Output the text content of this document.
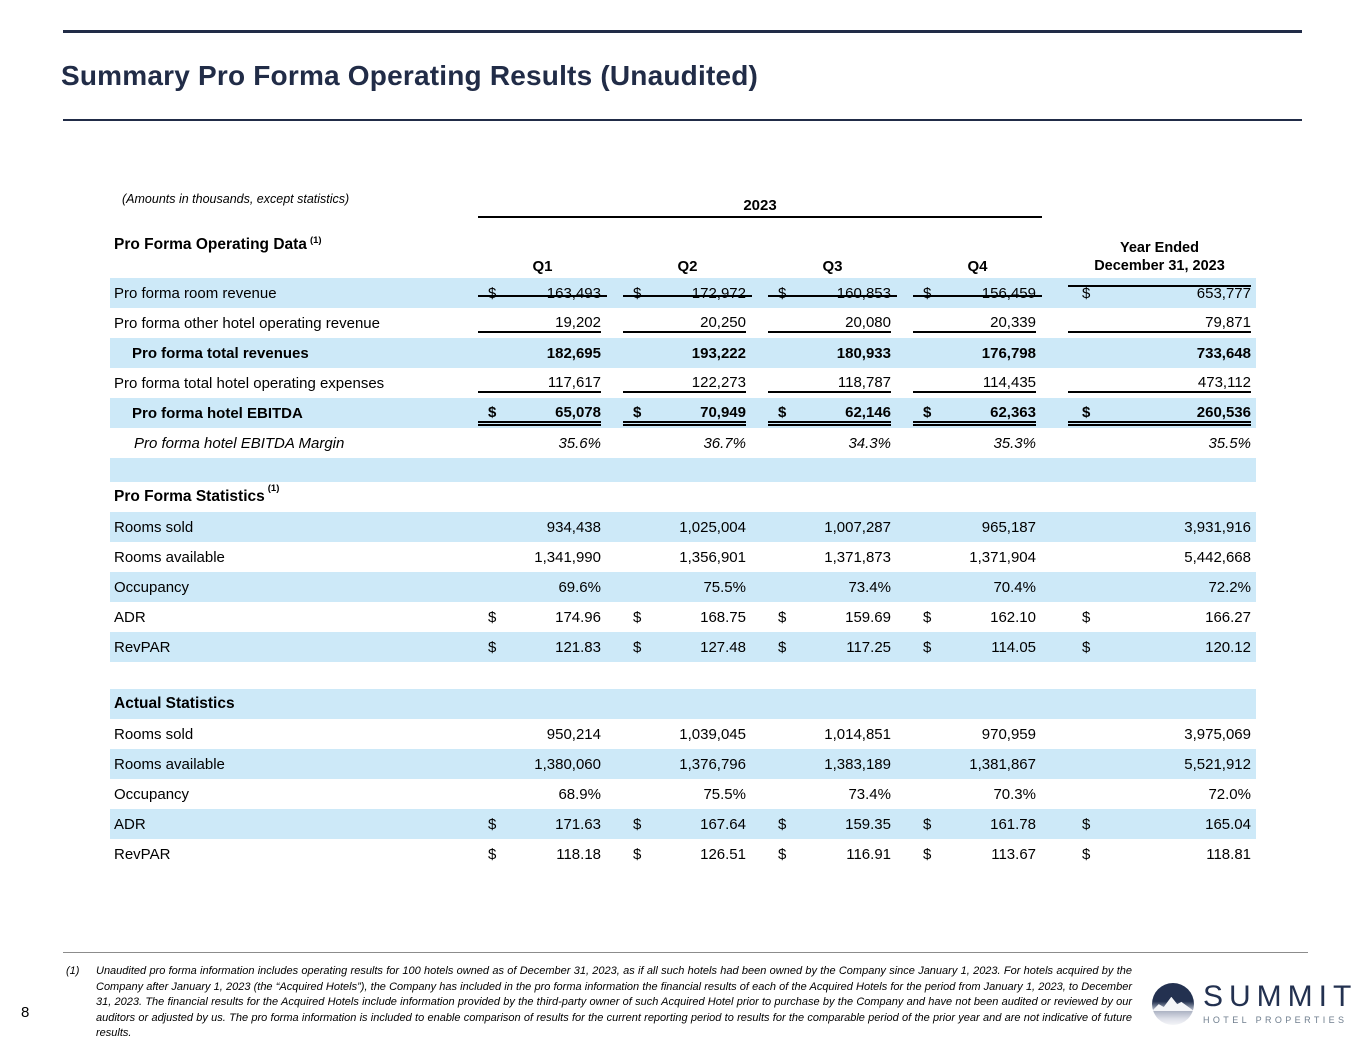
Summary Pro Forma Operating Results (Unaudited)
(Amounts in thousands, except statistics)	2023
Pro Forma Operating Data $^{(1)}$
Q1	Q2	Q3	Q4
Year Ended
December 31, 2023
Pro forma room revenue	$	163,493 $	172,972 $	160,853 $	156,459	$	653,777
Pro forma other hotel operating revenue	19,202	20,250	20,080	20,339	79,871
Pro forma total revenues	182,695	193,222	180,933	176,798	733,648
Pro forma total hotel operating expenses	117,617	122,273	118,787	114,435	473,112
Pro forma hotel EBITDA	$	65,078 $	70,949 $	62,146 $	62,363	$	260,536
Pro forma hotel EBITDA Margin	35.6%	36.7%	34.3%	35.3%	35.5%
Pro Forma Statistics $^{(1)}$
Rooms sold	934,438	1,025,004	1,007,287	965,187	3,931,916
Rooms available	1,341,990	1,356,901	1,371,873	1,371,904	5,442,668
Occupancy	69.6%	75.5%	73.4%	70.4%	72.2%
ADR	$	174.96 $	168.75 $	159.69 $	162.10	$	166.27
RevPAR	$	121.83 $	127.48 $	117.25 $	114.05	$	120.12
Actual Statistics
Rooms sold	950,214	1,039,045	1,014,851	970,959	3,975,069
Rooms available	1,380,060	1,376,796	1,383,189	1,381,867	5,521,912
Occupancy	68.9%	75.5%	73.4%	70.3%	72.0%
ADR	$	171.63 $	167.64 $	159.35 $	161.78	$	165.04
RevPAR	$	118.18 $	126.51 $	116.91 $	113.67	$	118.81
(1)	Unaudited pro forma information includes operating results for 100 hotels owned as of December 31, 2023, as if all such hotels had been owned by the Company since January 1, 2023. For hotels acquired by the Company after January 1, 2023 (the “Acquired Hotels”), the Company has included in the pro forma information the financial results of each of the Acquired Hotels for the period from January 1, 2023, to December 31, 2023. The financial results for the Acquired Hotels include information provided by the third-party owner of such Acquired Hotel prior to purchase by the Company and have not been audited or reviewed by our auditors or adjusted by us. The pro forma information is included to enable comparison of results for the current reporting period to results for the comparable period of the prior year and are not indicative of future results.

8	SUMMIT
HOTEL PROPERTIES
